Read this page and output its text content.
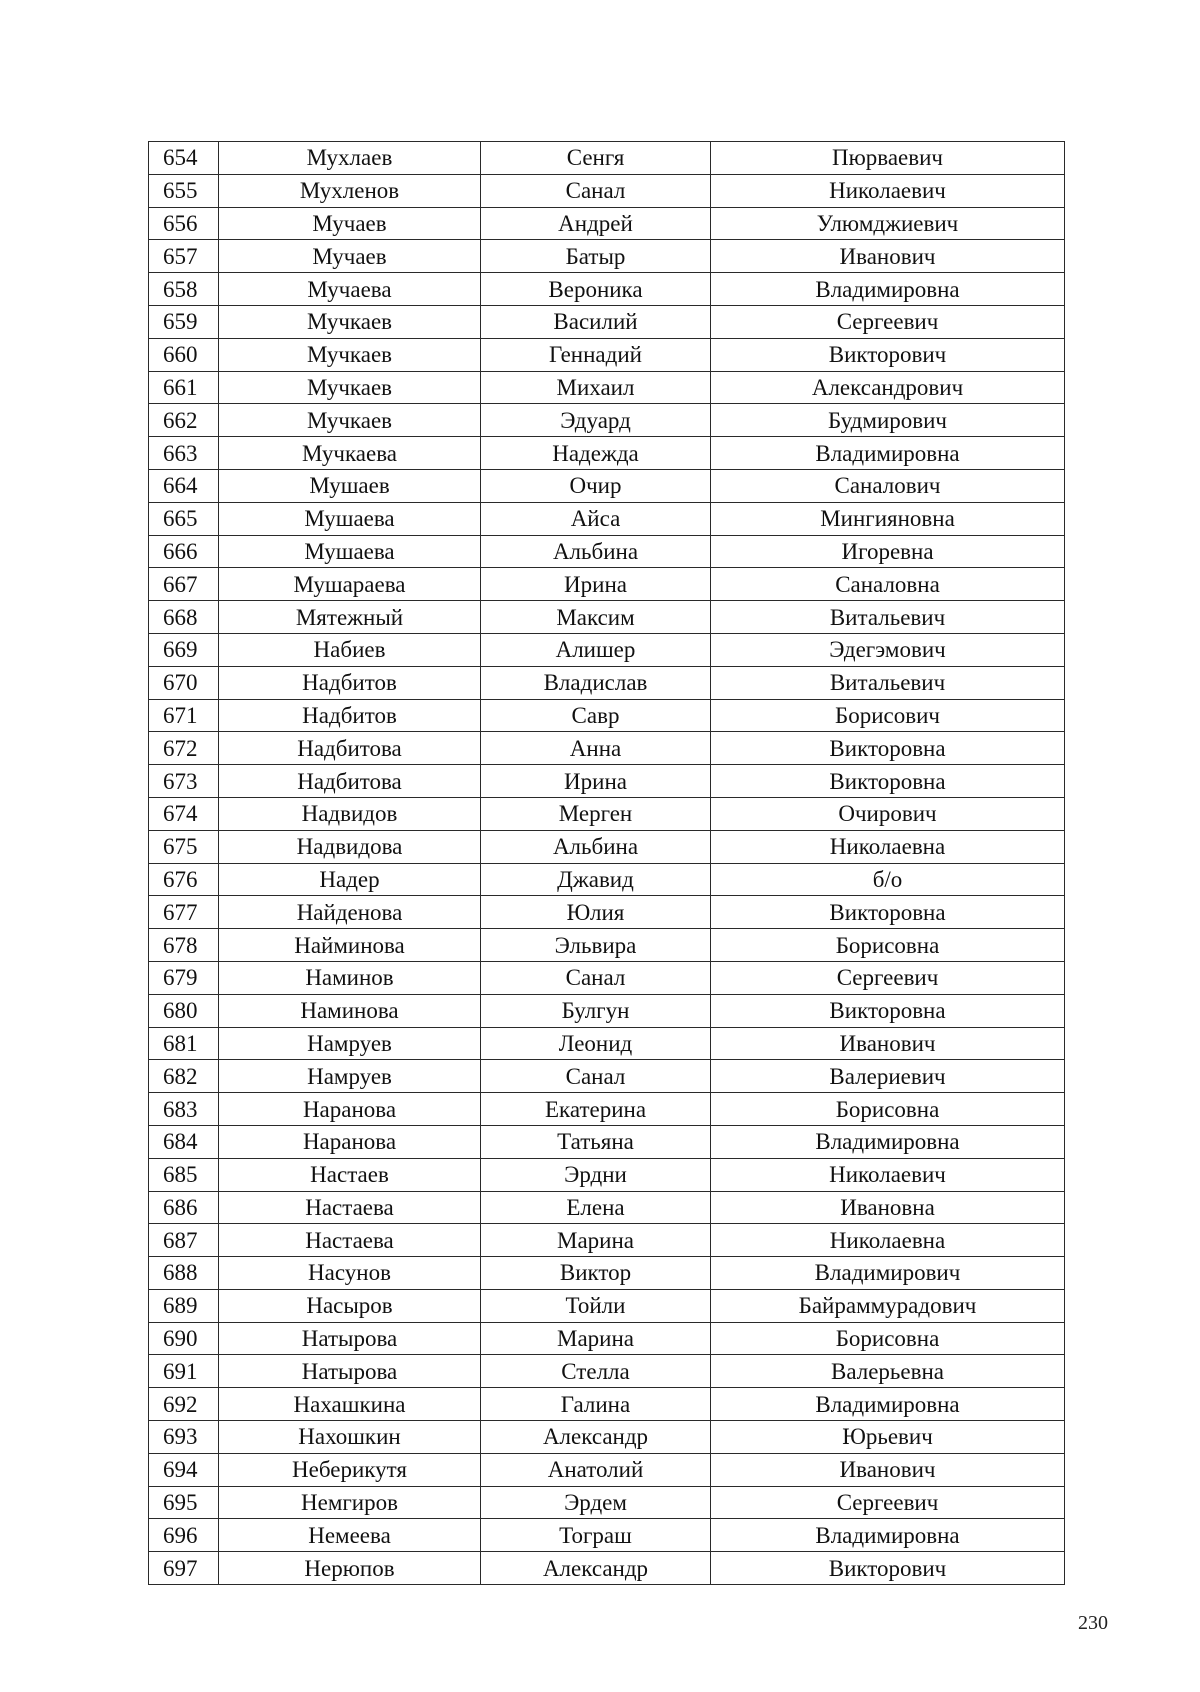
654	Мухлаев	Сенгя	Пюрваевич
655	Мухленов	Санал	Николаевич
656	Мучаев	Андрей	Улюмджиевич
657	Мучаев	Батыр	Иванович
658	Мучаева	Вероника	Владимировна
659	Мучкаев	Василий	Сергеевич
660	Мучкаев	Геннадий	Викторович
661	Мучкаев	Михаил	Александрович
662	Мучкаев	Эдуард	Будмирович
663	Мучкаева	Надежда	Владимировна
664	Мушаев	Очир	Саналович
665	Мушаева	Айса	Мингияновна
666	Мушаева	Альбина	Игоревна
667	Мушараева	Ирина	Саналовна
668	Мятежный	Максим	Витальевич
669	Набиев	Алишер	Эдегэмович
670	Надбитов	Владислав	Витальевич
671	Надбитов	Савр	Борисович
672	Надбитова	Анна	Викторовна
673	Надбитова	Ирина	Викторовна
674	Надвидов	Мерген	Очирович
675	Надвидова	Альбина	Николаевна
676	Надер	Джавид	б/о
677	Найденова	Юлия	Викторовна
678	Найминова	Эльвира	Борисовна
679	Наминов	Санал	Сергеевич
680	Наминова	Булгун	Викторовна
681	Намруев	Леонид	Иванович
682	Намруев	Санал	Валериевич
683	Наранова	Екатерина	Борисовна
684	Наранова	Татьяна	Владимировна
685	Настаев	Эрдни	Николаевич
686	Настаева	Елена	Ивановна
687	Настаева	Марина	Николаевна
688	Насунов	Виктор	Владимирович
689	Насыров	Тойли	Байраммурадович
690	Натырова	Марина	Борисовна
691	Натырова	Стелла	Валерьевна
692	Нахашкина	Галина	Владимировна
693	Нахошкин	Александр	Юрьевич
694	Неберикутя	Анатолий	Иванович
695	Немгиров	Эрдем	Сергеевич
696	Немеева	Тограш	Владимировна
697	Нерюпов	Александр	Викторович
230
